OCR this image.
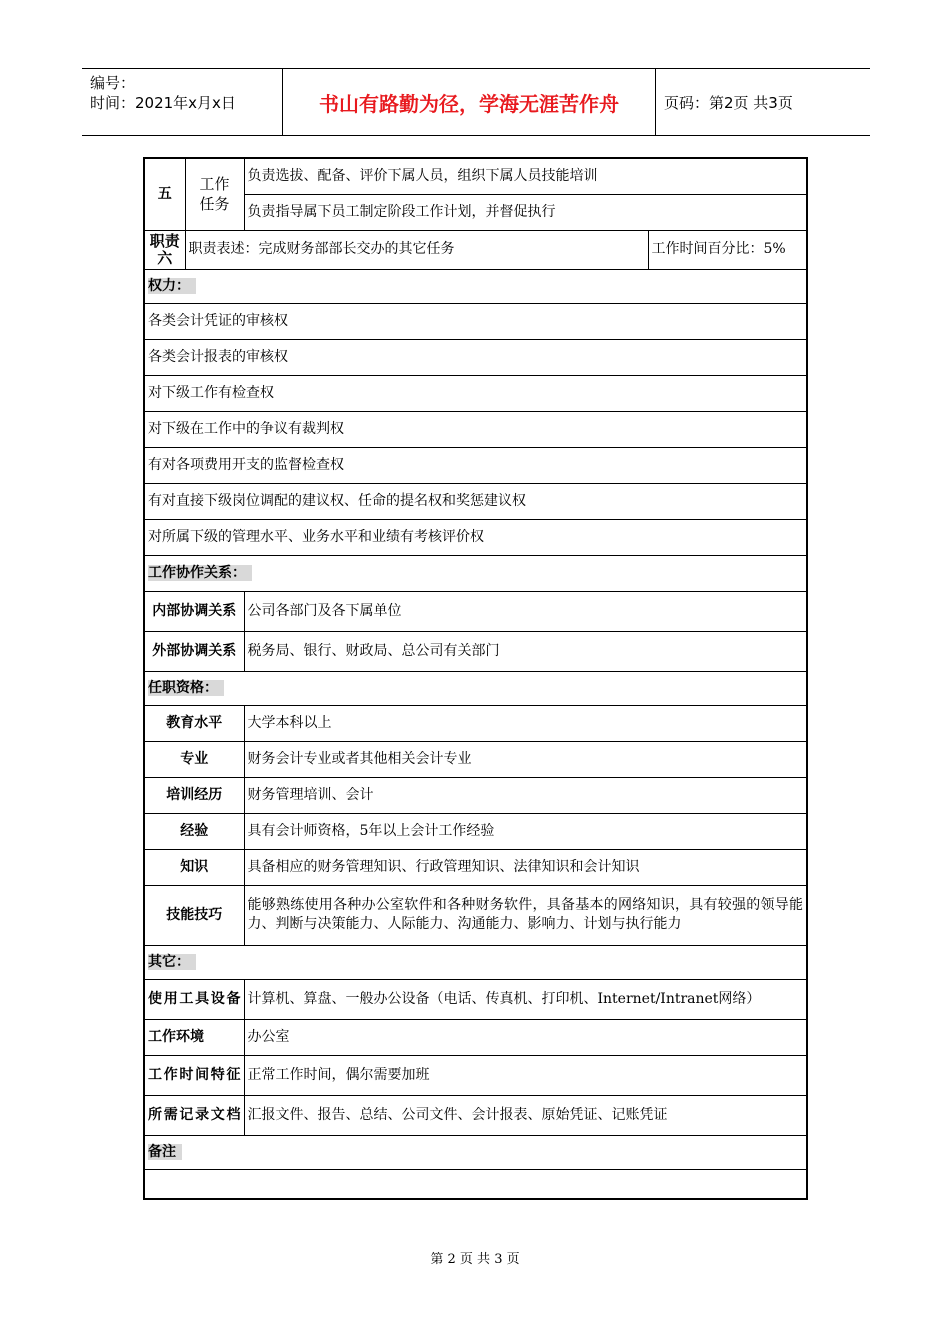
编号：
时间：2021年x月x日	书山有路勤为径，学海无涯苦作舟	页码：第2页 共3页
五	工作任务	负责选拔、配备、评价下属人员，组织下属人员技能培训	
		负责指导属下员工制定阶段工作计划，并督促执行	
职责六	职责表述：完成财务部部长交办的其它任务		工作时间百分比：5%
权力：			
各类会计凭证的审核权			
各类会计报表的审核权			
对下级工作有检查权			
对下级在工作中的争议有裁判权			
有对各项费用开支的监督检查权			
有对直接下级岗位调配的建议权、任命的提名权和奖惩建议权			
对所属下级的管理水平、业务水平和业绩有考核评价权			
工作协作关系：			
内部协调关系		公司各部门及各下属单位	
外部协调关系		税务局、银行、财政局、总公司有关部门	
任职资格：			
教育水平		大学本科以上	
专业		财务会计专业或者其他相关会计专业	
培训经历		财务管理培训、会计	
经验		具有会计师资格，5年以上会计工作经验	
知识		具备相应的财务管理知识、行政管理知识、法律知识和会计知识	
技能技巧		能够熟练使用各种办公室软件和各种财务软件，具备基本的网络知识，具有较强的领导能力、判断与决策能力、人际能力、沟通能力、影响力、计划与执行能力	
其它：			
使用工具设备		计算机、算盘、一般办公设备（电话、传真机、打印机、Internet/Intranet网络）	
工作环境		办公室	
工作时间特征		正常工作时间，偶尔需要加班	
所需记录文档		汇报文件、报告、总结、公司文件、会计报表、原始凭证、记账凭证	
备注			

第 2 页 共 3 页
